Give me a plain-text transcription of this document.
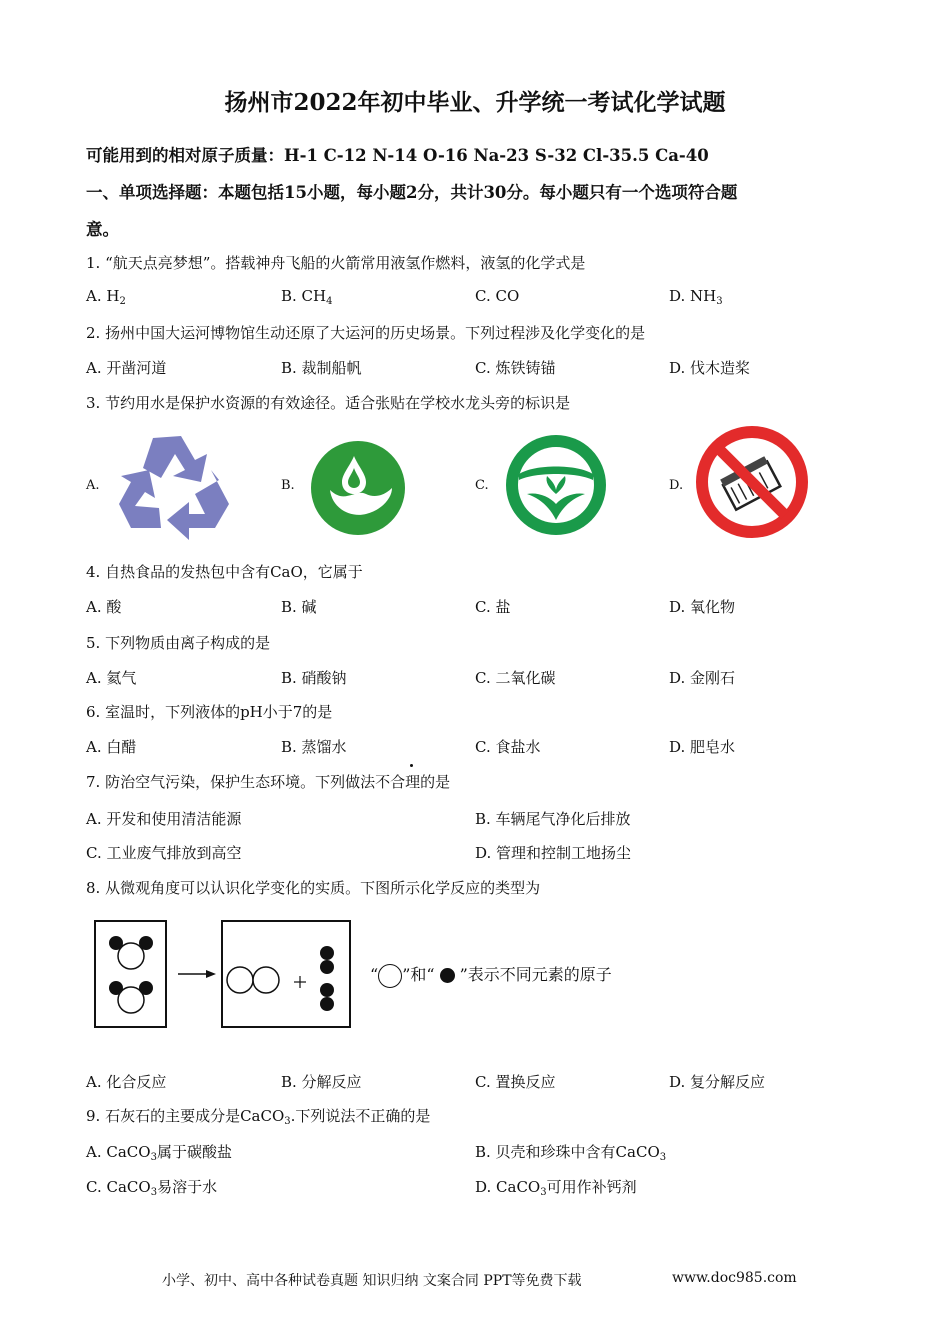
扬州市2022年初中毕业、升学统一考试化学试题
可能用到的相对原子质量：H-1 C-12 N-14 O-16 Na-23 S-32 Cl-35.5 Ca-40
一、单项选择题：本题包括15小题，每小题2分，共计30分。每小题只有一个选项符合题
意。
1. “航天点亮梦想”。搭载神舟飞船的火箭常用液氢作燃料，液氢的化学式是
A. $H_2$	B. $CH_4$	C. CO	D. $NH_3$
2. 扬州中国大运河博物馆生动还原了大运河的历史场景。下列过程涉及化学变化的是
A. 开凿河道	B. 裁制船帆	C. 炼铁铸锚	D. 伐木造桨
3. 节约用水是保护水资源的有效途径。适合张贴在学校水龙头旁的标识是
A.	B.	C.	D.
4. 自热食品的发热包中含有CaO，它属于
A. 酸	B. 碱	C. 盐	D. 氧化物
5. 下列物质由离子构成的是
A. 氦气	B. 硝酸钠	C. 二氧化碳	D. 金刚石
6. 室温时，下列液体的pH小于7的是
A. 白醋	B. 蒸馏水	C. 食盐水	D. 肥皂水
7. 防治空气污染，保护生态环境。下列做法不合理的是
A. 开发和使用清洁能源	B. 车辆尾气净化后排放
C. 工业废气排放到高空	D. 管理和控制工地扬尘
8. 从微观角度可以认识化学变化的实质。下图所示化学反应的类型为
“ ”和“ ”表示不同元素的原子
A. 化合反应	B. 分解反应	C. 置换反应	D. 复分解反应
9. 石灰石的主要成分是CaCO$_3$.下列说法不正确的是
A. CaCO$_3$属于碳酸盐	B. 贝壳和珍珠中含有CaCO$_3$
C. CaCO$_3$易溶于水	D. CaCO$_3$可用作补钙剂
小学、初中、高中各种试卷真题 知识归纳 文案合同 PPT等免费下载	www.doc985.com
